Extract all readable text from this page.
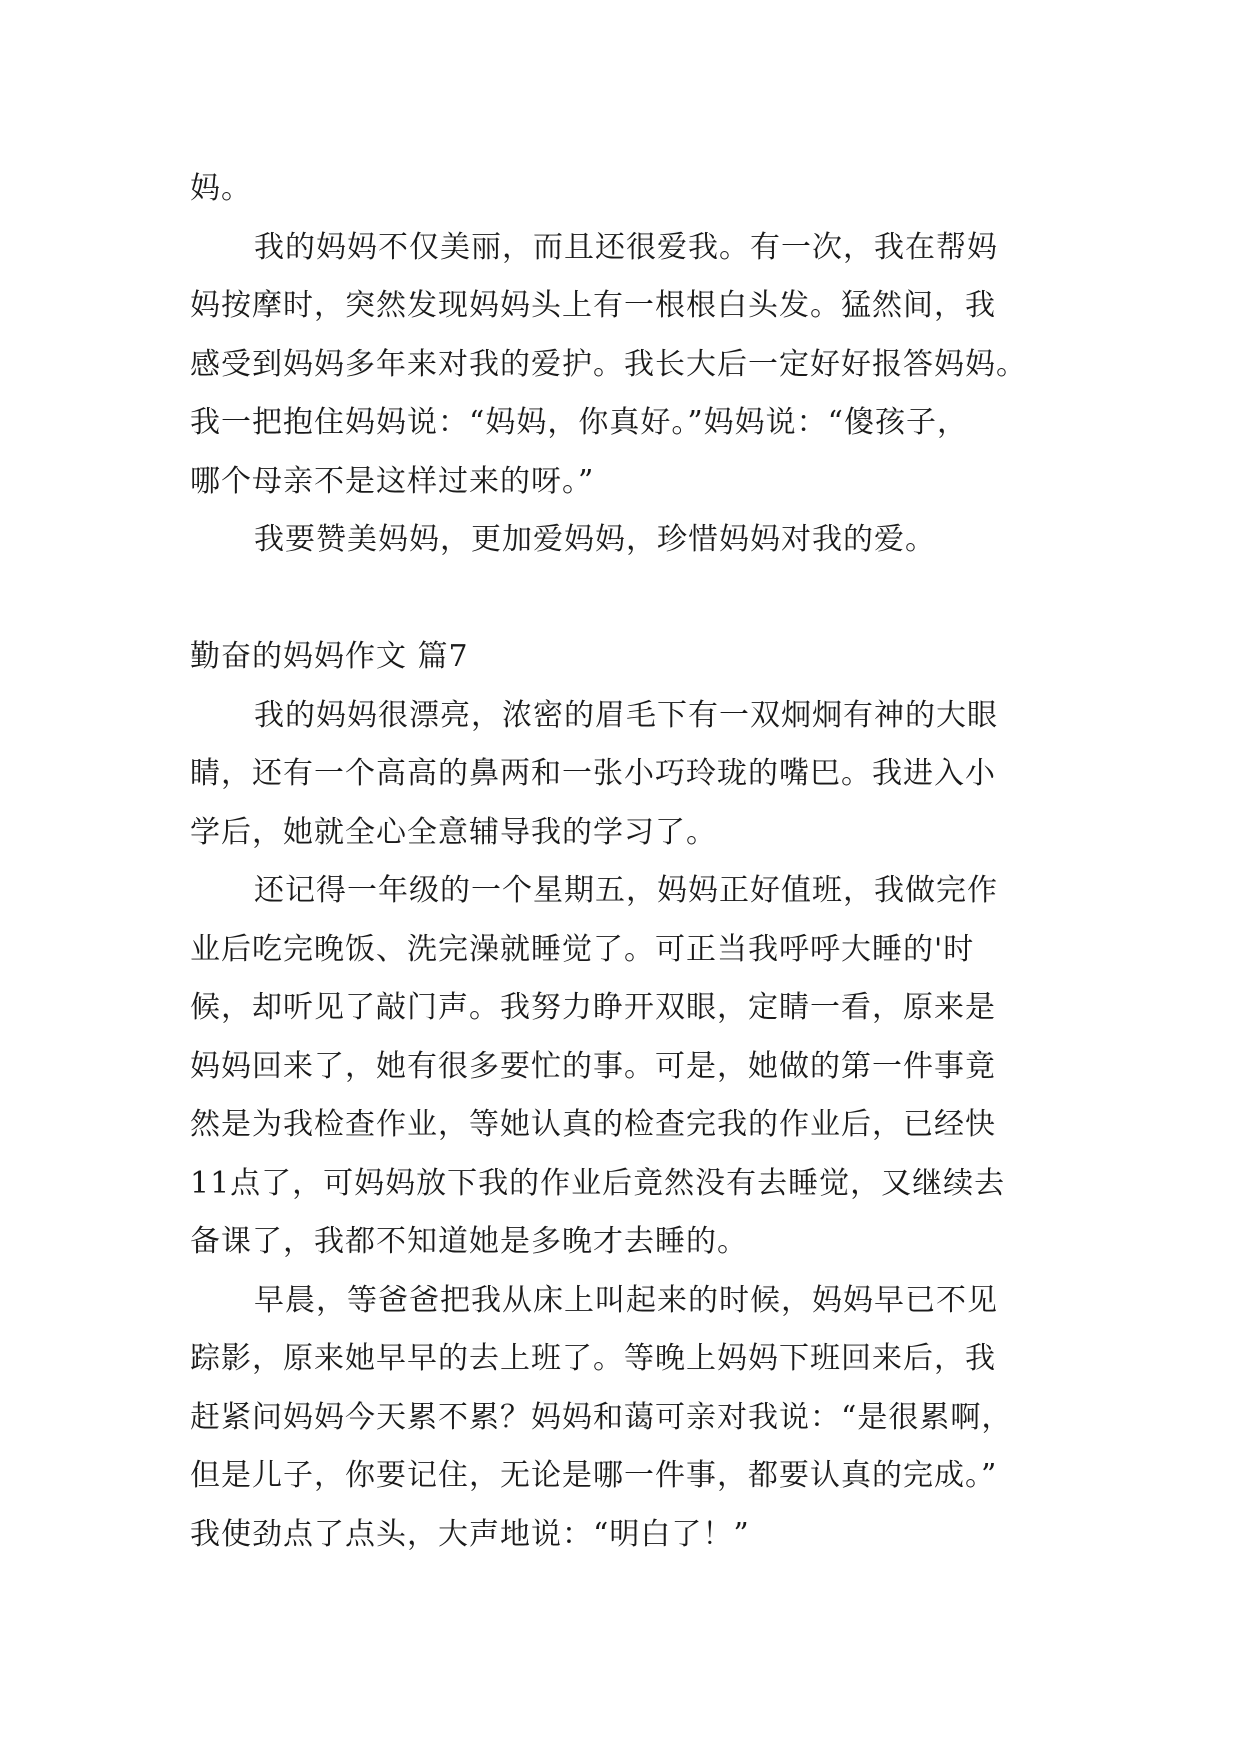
妈。
我的妈妈不仅美丽，而且还很爱我。有一次，我在帮妈
妈按摩时，突然发现妈妈头上有一根根白头发。猛然间，我
感受到妈妈多年来对我的爱护。我长大后一定好好报答妈妈。
我一把抱住妈妈说：“妈妈，你真好。”妈妈说：“傻孩子，
哪个母亲不是这样过来的呀。”
我要赞美妈妈，更加爱妈妈，珍惜妈妈对我的爱。
勤奋的妈妈作文 篇7
我的妈妈很漂亮，浓密的眉毛下有一双炯炯有神的大眼
睛，还有一个高高的鼻两和一张小巧玲珑的嘴巴。我进入小
学后，她就全心全意辅导我的学习了。
还记得一年级的一个星期五，妈妈正好值班，我做完作
业后吃完晚饭、洗完澡就睡觉了。可正当我呼呼大睡的'时
候，却听见了敲门声。我努力睁开双眼，定睛一看，原来是
妈妈回来了，她有很多要忙的事。可是，她做的第一件事竟
然是为我检查作业，等她认真的检查完我的作业后，已经快
11点了，可妈妈放下我的作业后竟然没有去睡觉，又继续去
备课了，我都不知道她是多晚才去睡的。
早晨，等爸爸把我从床上叫起来的时候，妈妈早已不见
踪影，原来她早早的去上班了。等晚上妈妈下班回来后，我
赶紧问妈妈今天累不累？妈妈和蔼可亲对我说：“是很累啊，
但是儿子，你要记住，无论是哪一件事，都要认真的完成。”
我使劲点了点头，大声地说：“明白了！”
